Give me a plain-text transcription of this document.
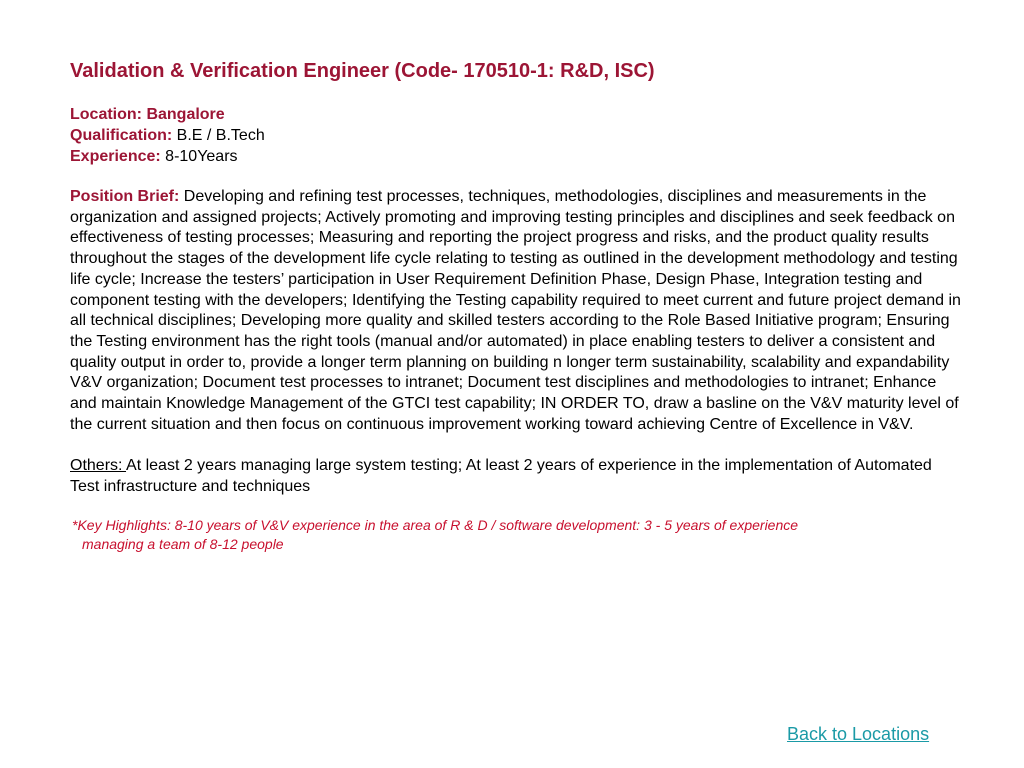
Validation & Verification Engineer (Code- 170510-1: R&D, ISC)
Location: Bangalore
Qualification: B.E / B.Tech
Experience: 8-10Years
Position Brief: Developing and refining test processes, techniques, methodologies, disciplines and measurements in the organization and assigned projects; Actively promoting and improving testing principles and disciplines and seek feedback on effectiveness of testing processes; Measuring and reporting the project progress and risks, and the product quality results throughout the stages of the development life cycle relating to testing as outlined in the development methodology and testing life cycle; Increase the testers’ participation in User Requirement Definition Phase, Design Phase, Integration testing and component testing with the developers; Identifying the Testing capability required to meet current and future project demand in all technical disciplines; Developing more quality and skilled testers according to the Role Based Initiative program; Ensuring the Testing environment has the right tools (manual and/or automated) in place enabling testers to deliver a consistent and quality output in order to, provide a longer term planning on building n longer term sustainability, scalability and expandability V&V organization; Document test processes to intranet; Document test disciplines and methodologies to intranet; Enhance and maintain Knowledge Management of the GTCI test capability; IN ORDER TO, draw a basline on the V&V maturity level of the current situation and then focus on continuous improvement working toward achieving Centre of Excellence in V&V.
Others: At least 2 years managing large system testing; At least 2 years of experience in the implementation of Automated Test infrastructure and techniques
*Key Highlights: 8-10 years of V&V experience in the area of R & D / software development: 3 - 5 years of experience
managing a team of 8-12 people
Back to Locations
